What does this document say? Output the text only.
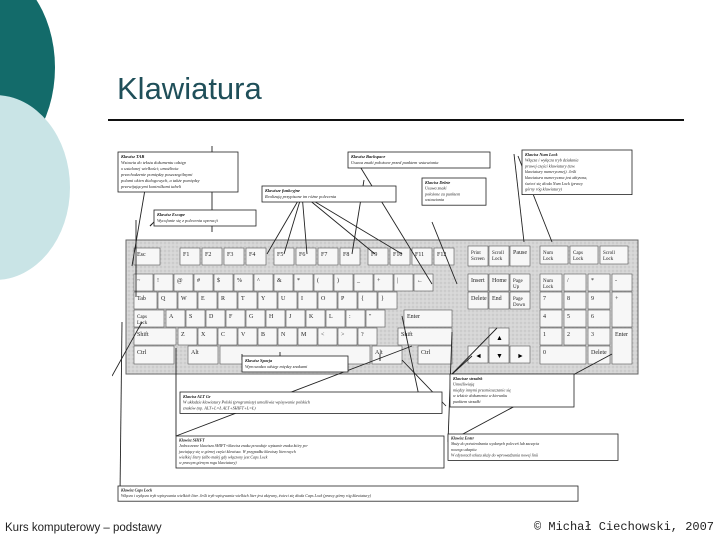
Klawiatura
Esc	F1	F2	F3	F4	F5	F6	F7	F8	F9	F10 F11 F12	Print
Screen
Scroll
Lock
Pause	Num
Lock
Caps
Lock
Scroll
Lock
~	!	@ #	$	%	^	&	*	(	)	_	+	|	←
Tab	Q	W E	R	T	Y	U	I	O	P	{	}
Caps
Lock
A	S	D	F	G	H	J	K	L	:	"	Enter
Shift	Z	X	C	V	B	N	M <	>	?	Shift
Ctrl	Alt	Alt	Ctrl
Insert Home Page
Up
Delete End Page
Down
▲
◄ ▼ ►
Num
Lock
/	*	-
7	8	9	+
4	5	6
1	2	3	Enter
0	Delete
Klawisz TAB
Wstawia do tekstu dokumentu odstęp
o ustalonej wielkości; umożliwia
przechodzenie pomiędzy poszczególnymi
polami okien dialogowych, a także pomiędzy
przewijającymi kontrolkami tabeli
Klawisz Escape
Wycofanie się z polecenia operacji
Klawisz Backspace
Usuwa znaki położone przed punktem wstawiania
Klawisz Num Lock
Włącza i wyłącza tryb działania
prawej części klawiatury (tzw.
klawiatury numerycznej). Jeśli
klawiatura numeryczna jest aktywna,
świeci się dioda Num Lock (prawy
górny róg klawiatury)
Klawisze funkcyjne
Realizują przypisane im różne polecenia
Klawisz Delete
Usuwa znaki
położone za punktem
wstawiania
Klawisz Spacja
Wprowadza odstęp między znakami
Klawisze strzałek
Umożliwiają
między innymi przemieszczanie się
w tekście dokumentu w kierunku
punktem strzałki
Klawisz ALT Gr
W układzie klawiatury Polski (programisty) umożliwia wpisywanie polskich
znaków (np. ALT+L=Ł ALT+SHIFT+L=Ł)
Klawisz SHIFT
Jednoczesne klawisza SHIFT+klawisz znaku powoduje wpisanie znaku który po-
jawiający się w górnej części klawisza. W przypadku klawiszy literowych
wielkiej litery (albo małej gdy włączony jest Caps Lock
w prawym górnym rogu klawiatury)
Klawisz Enter
Służy do potwierdzania wydanych poleceń lub zaczęcia
nowego akapitu
W edytorach tekstu służy do wprowadzania nowej linii
Klawisz Caps Lock
Włącza i wyłącza tryb wpisywania wielkich liter. Jeśli tryb wpisywania wielkich liter jest aktywny, świeci się dioda Caps Lock (prawy górny róg klawiatury)
Kurs komputerowy – podstawy	© Michał Ciechowski, 2007
